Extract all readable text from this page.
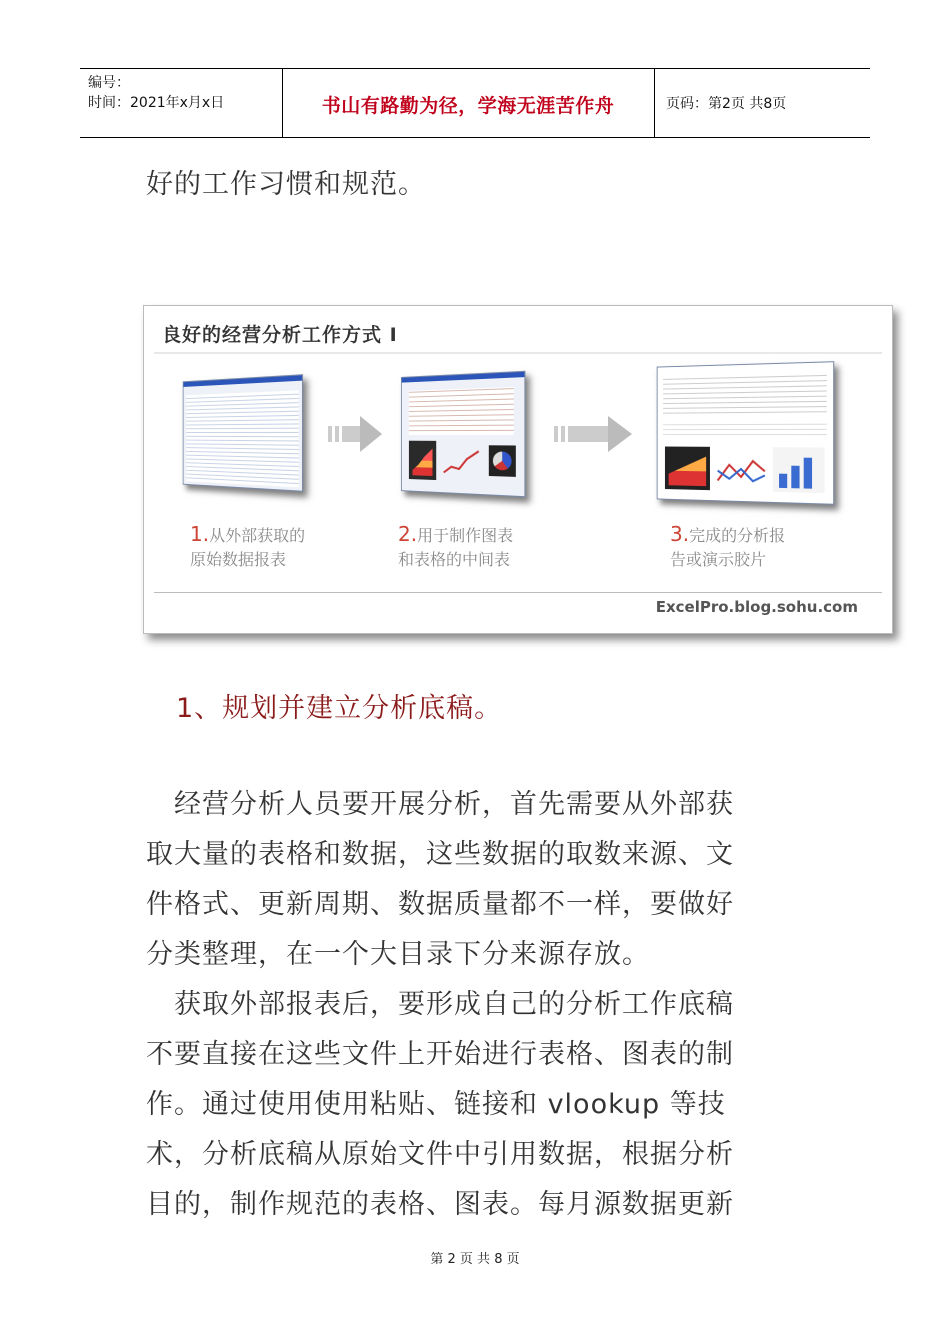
编号：
时间：2021年x月x日	书山有路勤为径，学海无涯苦作舟	页码：第2页 共8页
好的工作习惯和规范。
良好的经营分析工作方式 I
1.从外部获取的
原始数据报表
2.用于制作图表
和表格的中间表
3.完成的分析报
告或演示胶片
ExcelPro.blog.sohu.com
1、规划并建立分析底稿。
　经营分析人员要开展分析，首先需要从外部获
取大量的表格和数据，这些数据的取数来源、文
件格式、更新周期、数据质量都不一样，要做好
分类整理，在一个大目录下分来源存放。
　获取外部报表后，要形成自己的分析工作底稿
不要直接在这些文件上开始进行表格、图表的制
作。通过使用使用粘贴、链接和 vlookup 等技
术，分析底稿从原始文件中引用数据，根据分析
目的，制作规范的表格、图表。每月源数据更新
第 2 页 共 8 页
